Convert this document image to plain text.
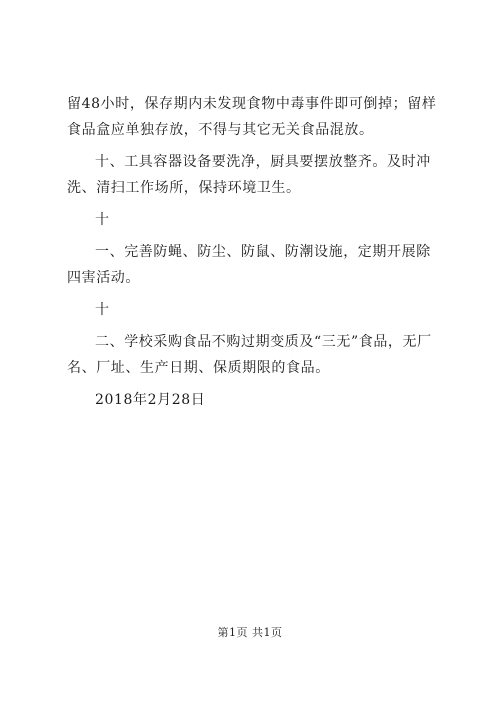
留48小时，保存期内未发现食物中毒事件即可倒掉；留样食品盒应单独存放，不得与其它无关食品混放。

十、工具容器设备要洗净，厨具要摆放整齐。及时冲洗、清扫工作场所，保持环境卫生。

十

一、完善防蝇、防尘、防鼠、防潮设施，定期开展除四害活动。

十

二、学校采购食品不购过期变质及“三无”食品，无厂名、厂址、生产日期、保质期限的食品。

2018年2月28日

第1页 共1页
